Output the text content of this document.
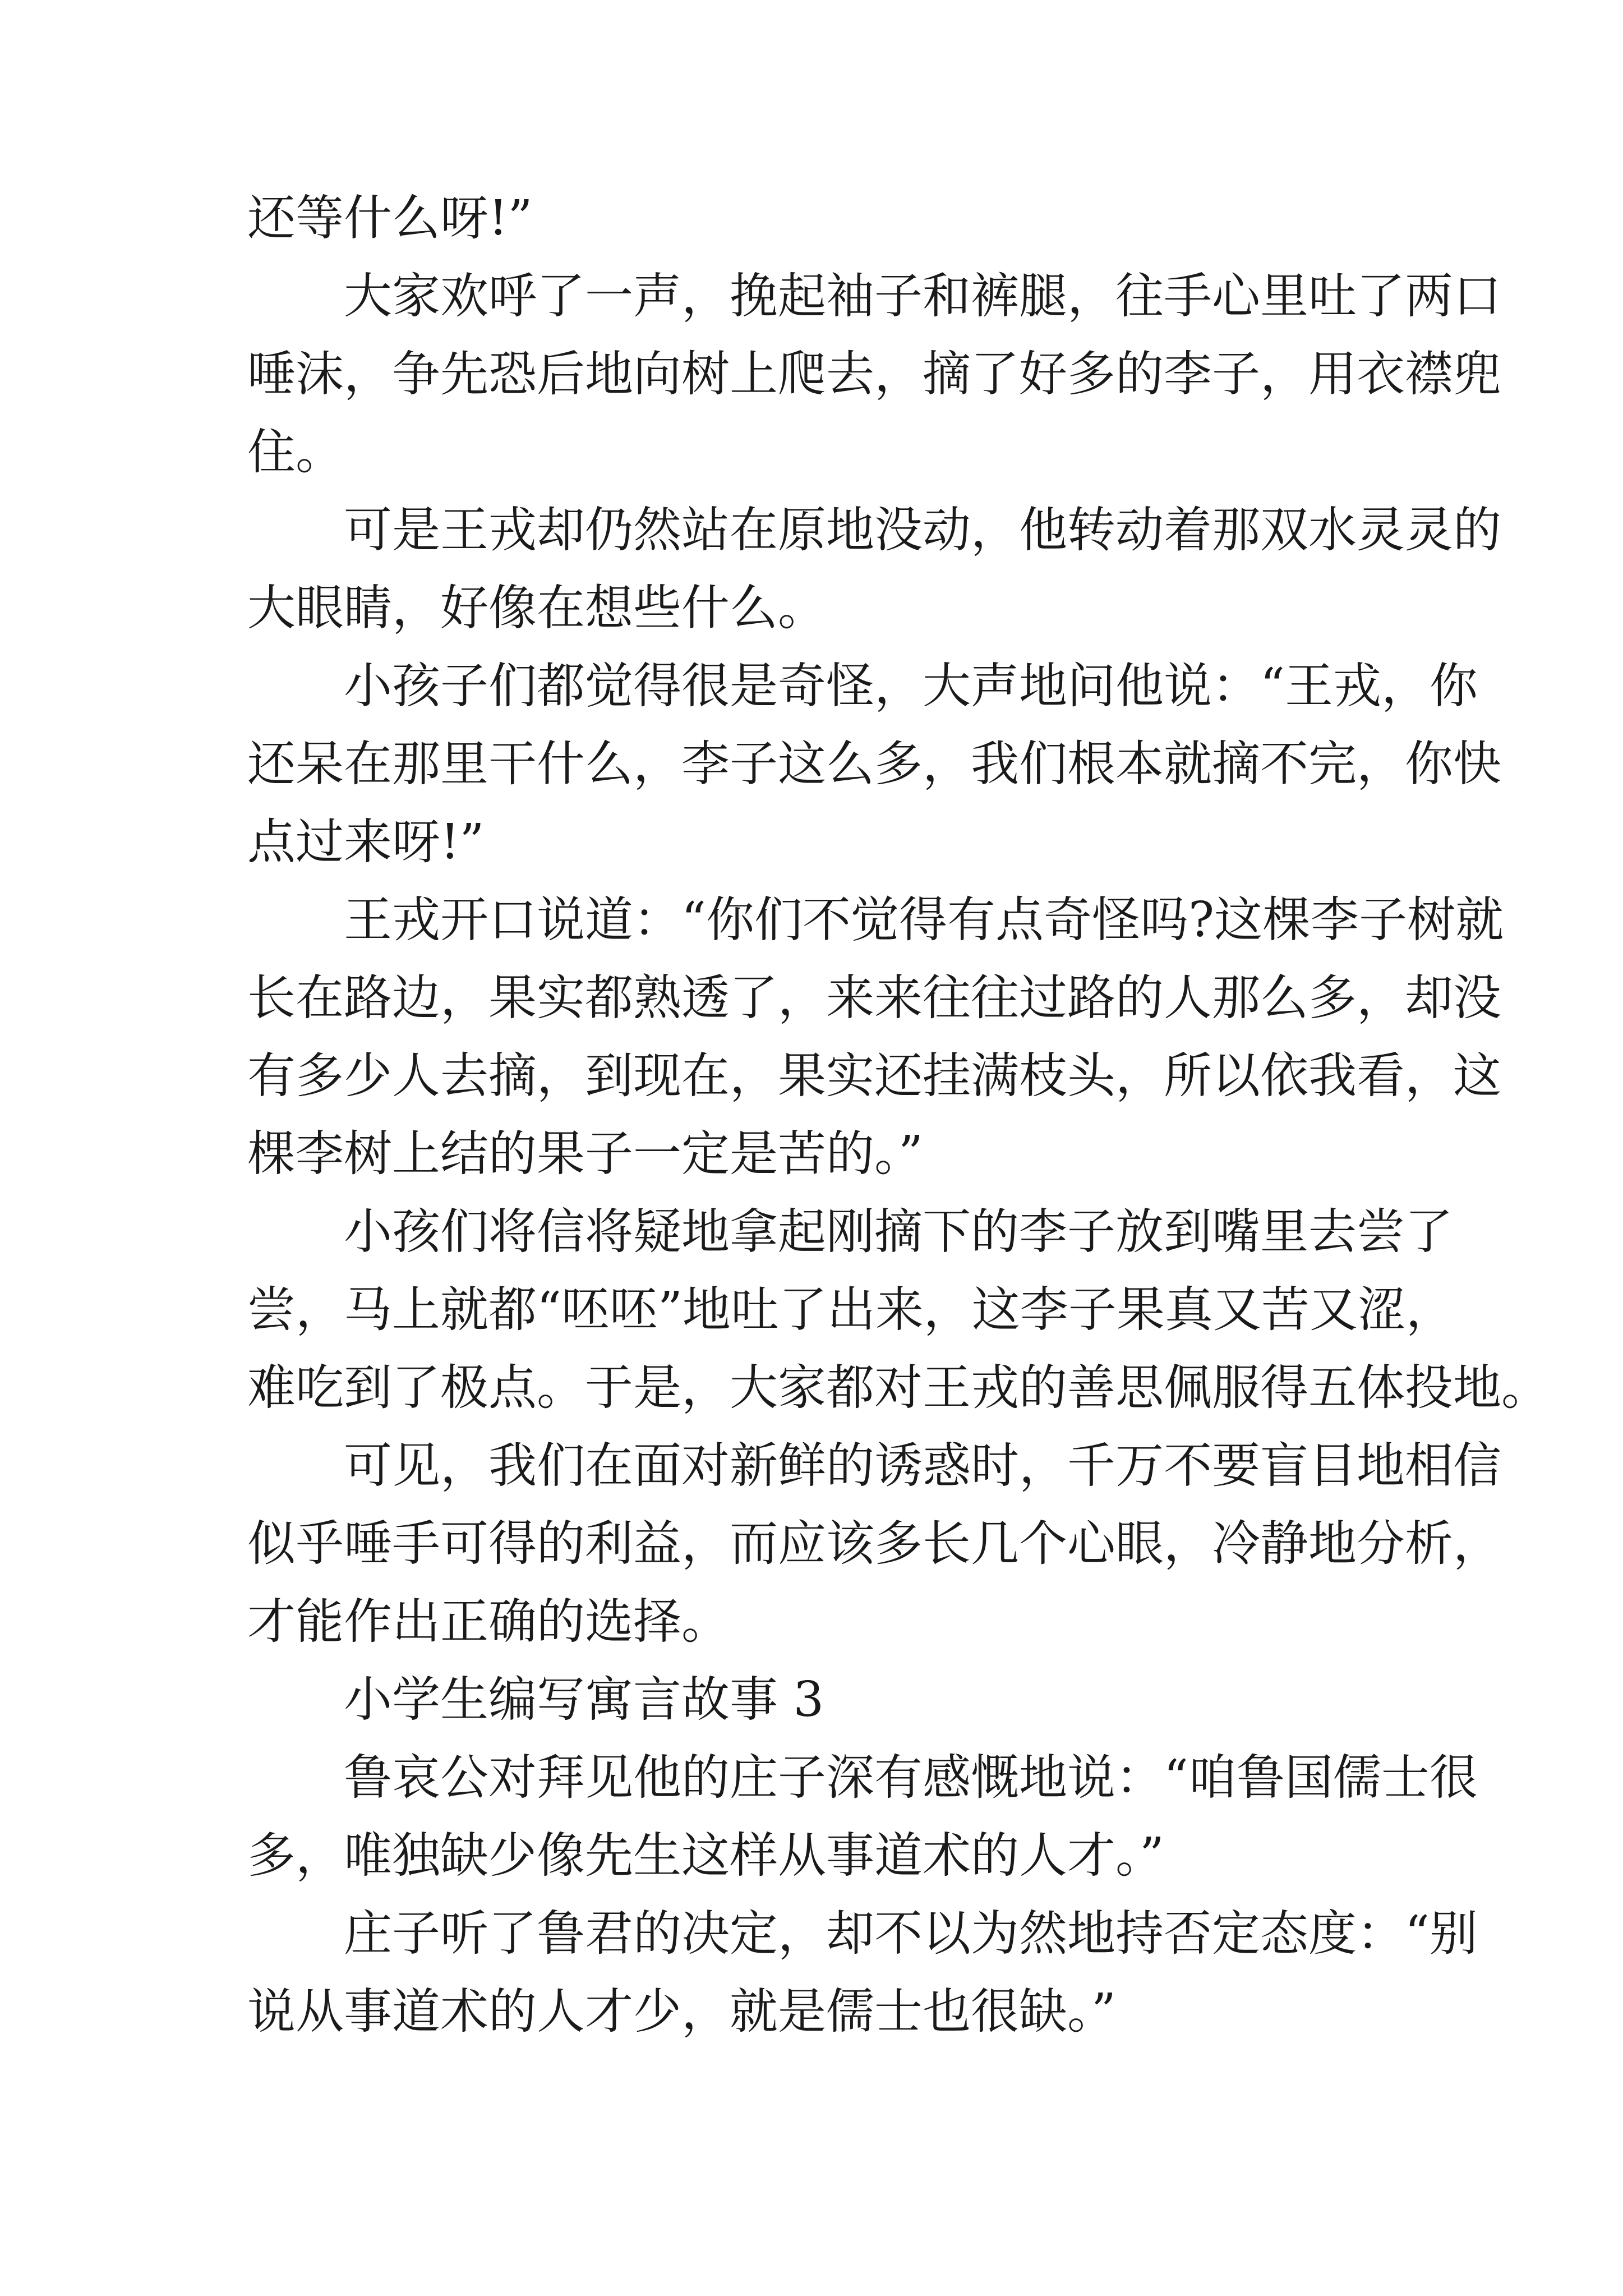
还等什么呀!”
大家欢呼了一声，挽起袖子和裤腿，往手心里吐了两口
唾沫，争先恐后地向树上爬去，摘了好多的李子，用衣襟兜
住。
可是王戎却仍然站在原地没动，他转动着那双水灵灵的
大眼睛，好像在想些什么。
小孩子们都觉得很是奇怪，大声地问他说：“王戎，你
还呆在那里干什么，李子这么多，我们根本就摘不完，你快
点过来呀!”
王戎开口说道：“你们不觉得有点奇怪吗?这棵李子树就
长在路边，果实都熟透了，来来往往过路的人那么多，却没
有多少人去摘，到现在，果实还挂满枝头，所以依我看，这
棵李树上结的果子一定是苦的。”
小孩们将信将疑地拿起刚摘下的李子放到嘴里去尝了
尝，马上就都“呸呸”地吐了出来，这李子果真又苦又涩，
难吃到了极点。于是，大家都对王戎的善思佩服得五体投地。
可见，我们在面对新鲜的诱惑时，千万不要盲目地相信
似乎唾手可得的利益，而应该多长几个心眼，冷静地分析，
才能作出正确的选择。
小学生编写寓言故事 3
鲁哀公对拜见他的庄子深有感慨地说：“咱鲁国儒士很
多，唯独缺少像先生这样从事道术的人才。”
庄子听了鲁君的决定，却不以为然地持否定态度：“别
说从事道术的人才少，就是儒士也很缺。”
